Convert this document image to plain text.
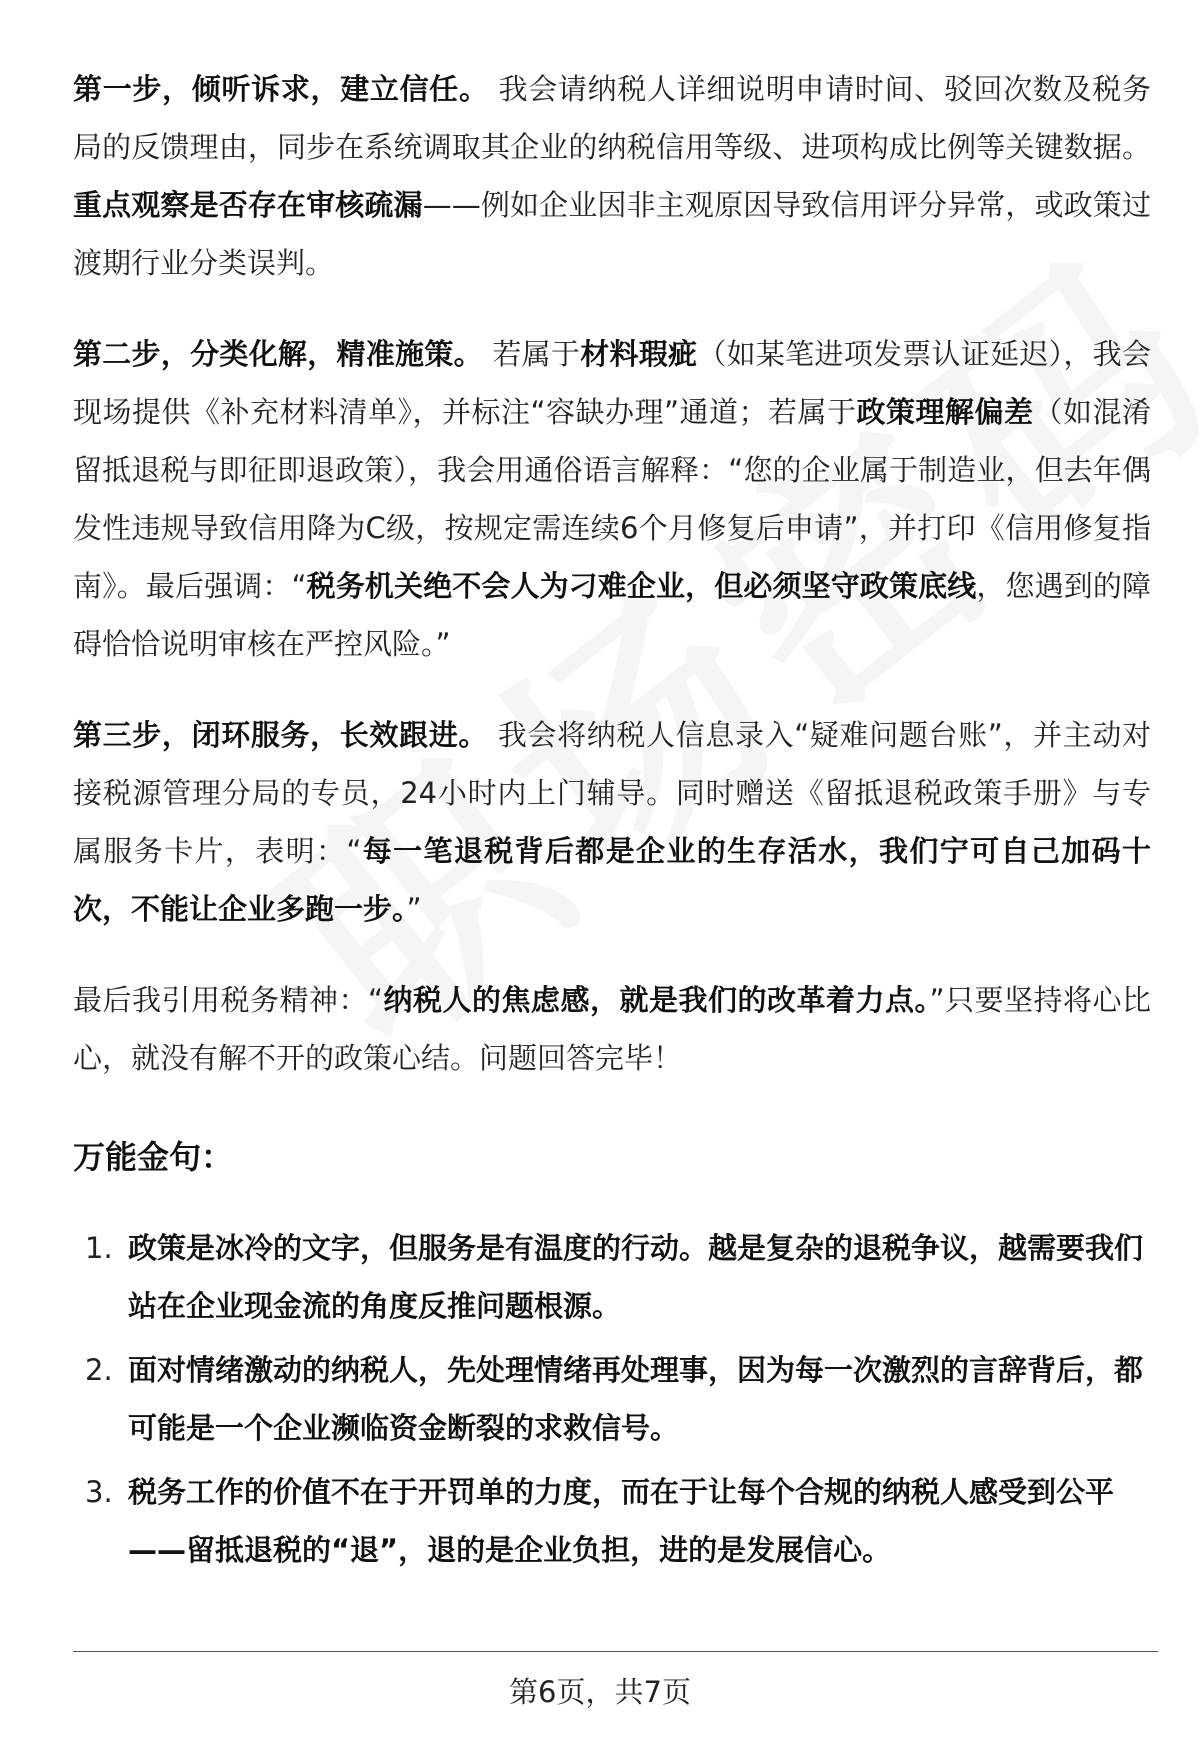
第一步，倾听诉求，建立信任。 我会请纳税人详细说明申请时间、驳回次数及税务局的反馈理由，同步在系统调取其企业的纳税信用等级、进项构成比例等关键数据。重点观察是否存在审核疏漏——例如企业因非主观原因导致信用评分异常，或政策过渡期行业分类误判。

第二步，分类化解，精准施策。 若属于材料瑕疵（如某笔进项发票认证延迟），我会现场提供《补充材料清单》，并标注“容缺办理”通道；若属于政策理解偏差（如混淆留抵退税与即征即退政策），我会用通俗语言解释：“您的企业属于制造业，但去年偶发性违规导致信用降为C级，按规定需连续6个月修复后申请”，并打印《信用修复指南》。最后强调：“税务机关绝不会人为刁难企业，但必须坚守政策底线，您遇到的障碍恰恰说明审核在严控风险。”

第三步，闭环服务，长效跟进。 我会将纳税人信息录入“疑难问题台账”，并主动对接税源管理分局的专员，24小时内上门辅导。同时赠送《留抵退税政策手册》与专属服务卡片，表明：“每一笔退税背后都是企业的生存活水，我们宁可自己加码十次，不能让企业多跑一步。”

最后我引用税务精神：“纳税人的焦虑感，就是我们的改革着力点。”只要坚持将心比心，就没有解不开的政策心结。问题回答完毕！

万能金句：
1. 政策是冰冷的文字，但服务是有温度的行动。越是复杂的退税争议，越需要我们站在企业现金流的角度反推问题根源。
2. 面对情绪激动的纳税人，先处理情绪再处理事，因为每一次激烈的言辞背后，都可能是一个企业濒临资金断裂的求救信号。
3. 税务工作的价值不在于开罚单的力度，而在于让每个合规的纳税人感受到公平——留抵退税的“退”，退的是企业负担，进的是发展信心。
第6页，共7页
